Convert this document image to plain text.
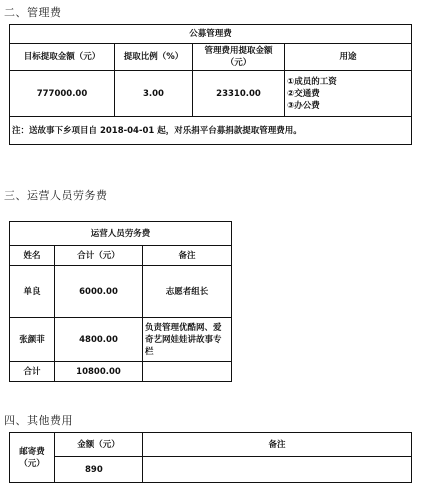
二、管理费
公募管理费			
目标提取金额（元）	提取比例（%）	管理费用提取金额（元）	用途
777000.00	3.00	23310.00	①成员的工资
②交通费
③办公费

注：送故事下乡项目自 2018-04-01 起，对乐捐平台募捐款提取管理费用。			
三、运营人员劳务费
运营人员劳务费		
姓名	合计（元）	备注
单良	6000.00	志愿者组长
张颜菲	4800.00	负责管理优酷网、爱奇艺网娃娃讲故事专栏
合计	10800.00	
四、其他费用
邮寄费（元）	金额（元）	备注
	890	
